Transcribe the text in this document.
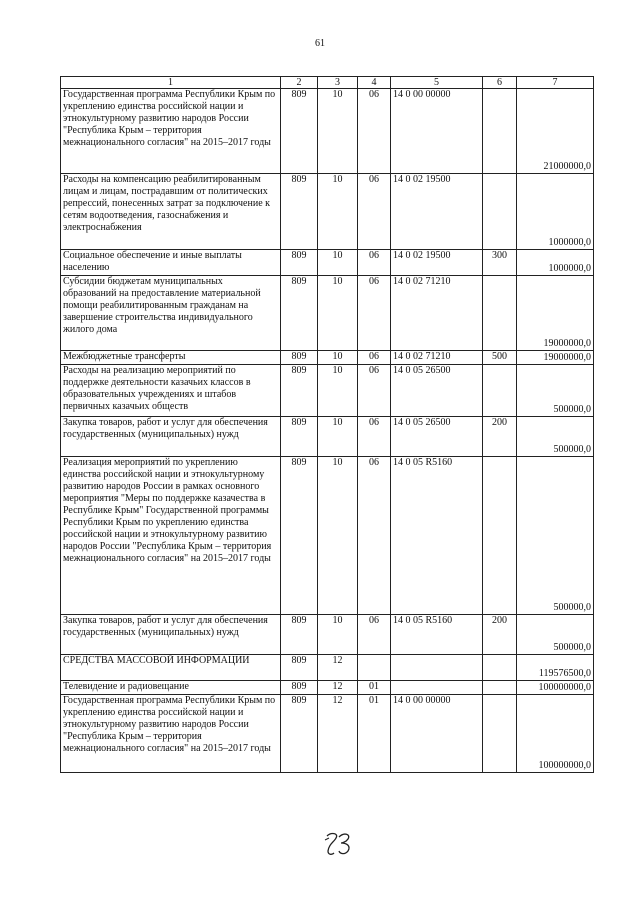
61
1	2	3	4	5	6	7
Государственная программа Республики Крым по укреплению единства российской нации и этнокультурному развитию народов России "Республика Крым – территория межнационального согласия" на 2015–2017 годы	809	10	06	14 0 00 00000		21000000,0
Расходы на компенсацию реабилитированным лицам и лицам, пострадавшим от политических репрессий, понесенных затрат за подключение к сетям водоотведения, газоснабжения и электроснабжения	809	10	06	14 0 02 19500		1000000,0
Социальное обеспечение и иные выплаты населению	809	10	06	14 0 02 19500	300	1000000,0
Субсидии бюджетам муниципальных образований на предоставление материальной помощи реабилитированным гражданам на завершение строительства индивидуального жилого дома	809	10	06	14 0 02 71210		19000000,0
Межбюджетные трансферты	809	10	06	14 0 02 71210	500	19000000,0
Расходы на реализацию мероприятий по поддержке деятельности казачьих классов в образовательных учреждениях и штабов первичных казачьих обществ	809	10	06	14 0 05 26500		500000,0
Закупка товаров, работ и услуг для обеспечения государственных (муниципальных) нужд	809	10	06	14 0 05 26500	200	500000,0
Реализация мероприятий по укреплению единства российской нации и этнокультурному развитию народов России в рамках основного мероприятия "Меры по поддержке казачества в Республике Крым" Государственной программы Республики Крым по укреплению единства российской нации и этнокультурному развитию народов России "Республика Крым – территория межнационального согласия" на 2015–2017 годы	809	10	06	14 0 05 R5160		500000,0
Закупка товаров, работ и услуг для обеспечения государственных (муниципальных) нужд	809	10	06	14 0 05 R5160	200	500000,0
СРЕДСТВА МАССОВОЙ ИНФОРМАЦИИ	809	12				119576500,0
Телевидение и радиовещание	809	12	01			100000000,0
Государственная программа Республики Крым по укреплению единства российской нации и этнокультурному развитию народов России "Республика Крым – территория межнационального согласия" на 2015–2017 годы	809	12	01	14 0 00 00000		100000000,0
